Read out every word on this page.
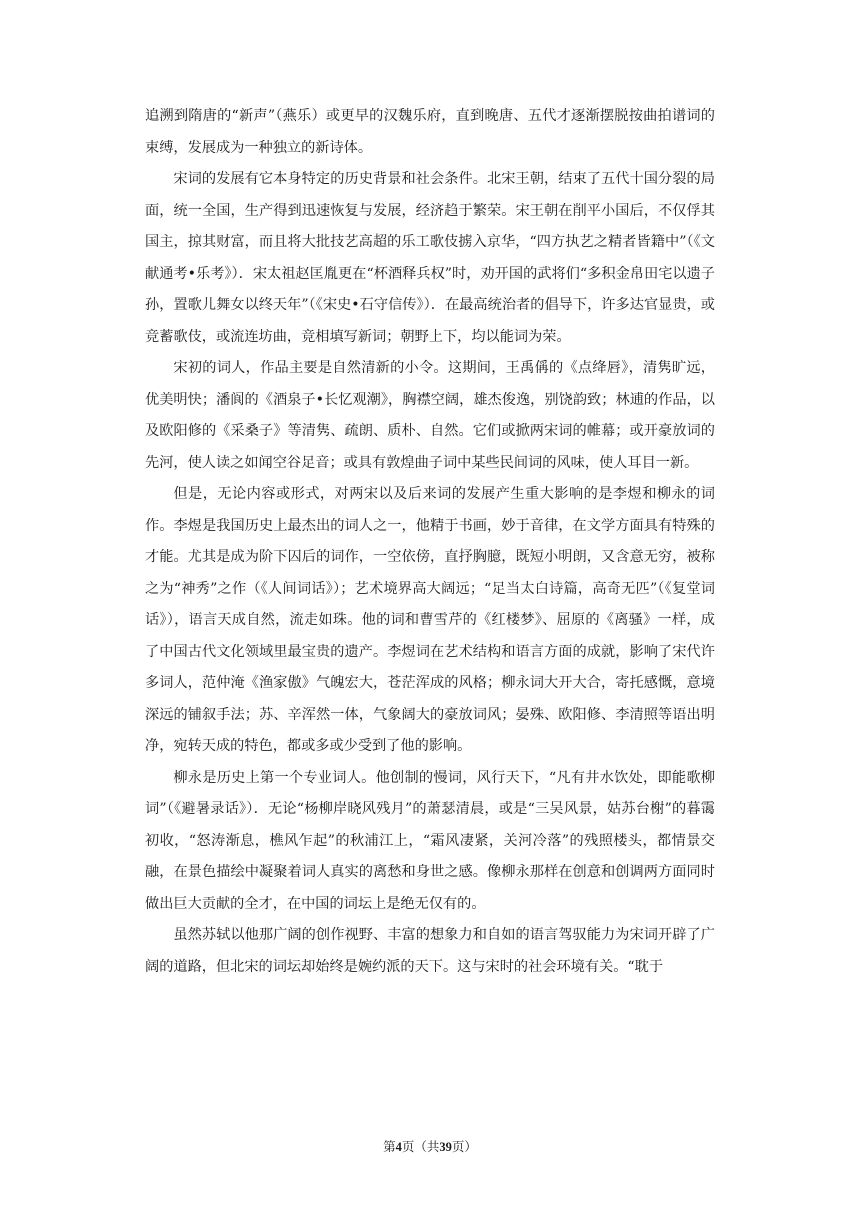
追溯到隋唐的“新声”（燕乐）或更早的汉魏乐府，直到晚唐、五代才逐渐摆脱按曲拍谱词的束缚，发展成为一种独立的新诗体。

宋词的发展有它本身特定的历史背景和社会条件。北宋王朝，结束了五代十国分裂的局面，统一全国，生产得到迅速恢复与发展，经济趋于繁荣。宋王朝在削平小国后，不仅俘其国主，掠其财富，而且将大批技艺高超的乐工歌伎掳入京华，“四方执艺之精者皆籍中”（《文献通考•乐考》）．宋太祖赵匡胤更在“杯酒释兵权”时，劝开国的武将们“多积金帛田宅以遗子孙，置歌儿舞女以终天年”（《宋史•石守信传》）．在最高统治者的倡导下，许多达官显贵，或竞蓄歌伎，或流连坊曲，竞相填写新词；朝野上下，均以能词为荣。

宋初的词人，作品主要是自然清新的小令。这期间，王禹偁的《点绛唇》，清隽旷远，优美明快；潘阆的《酒泉子•长忆观潮》，胸襟空阔，雄杰俊逸，别饶韵致；林逋的作品，以及欧阳修的《采桑子》等清隽、疏朗、质朴、自然。它们或掀两宋词的帷幕；或开豪放词的先河，使人读之如闻空谷足音；或具有敦煌曲子词中某些民间词的风味，使人耳目一新。

但是，无论内容或形式，对两宋以及后来词的发展产生重大影响的是李煜和柳永的词作。李煜是我国历史上最杰出的词人之一，他精于书画，妙于音律，在文学方面具有特殊的才能。尤其是成为阶下囚后的词作，一空依傍，直抒胸臆，既短小明朗，又含意无穷，被称之为“神秀”之作（《人间词话》）；艺术境界高大阔远；“足当太白诗篇，高奇无匹”（《复堂词话》），语言天成自然，流走如珠。他的词和曹雪芹的《红楼梦》、屈原的《离骚》一样，成了中国古代文化领域里最宝贵的遗产。李煜词在艺术结构和语言方面的成就，影响了宋代许多词人，范仲淹《渔家傲》气魄宏大，苍茫浑成的风格；柳永词大开大合，寄托感慨，意境深远的铺叙手法；苏、辛浑然一体，气象阔大的豪放词风；晏殊、欧阳修、李清照等语出明净，宛转天成的特色，都或多或少受到了他的影响。

柳永是历史上第一个专业词人。他创制的慢词，风行天下，“凡有井水饮处，即能歌柳词”（《避暑录话》）．无论“杨柳岸晓风残月”的萧瑟清晨，或是“三吴风景，姑苏台榭”的暮霭初收，“怒涛渐息，樵风乍起”的秋浦江上，“霜风凄紧，关河冷落”的残照楼头，都情景交融，在景色描绘中凝聚着词人真实的离愁和身世之感。像柳永那样在创意和创调两方面同时做出巨大贡献的全才，在中国的词坛上是绝无仅有的。

虽然苏轼以他那广阔的创作视野、丰富的想象力和自如的语言驾驭能力为宋词开辟了广阔的道路，但北宋的词坛却始终是婉约派的天下。这与宋时的社会环境有关。“耽于

第4页（共39页）
